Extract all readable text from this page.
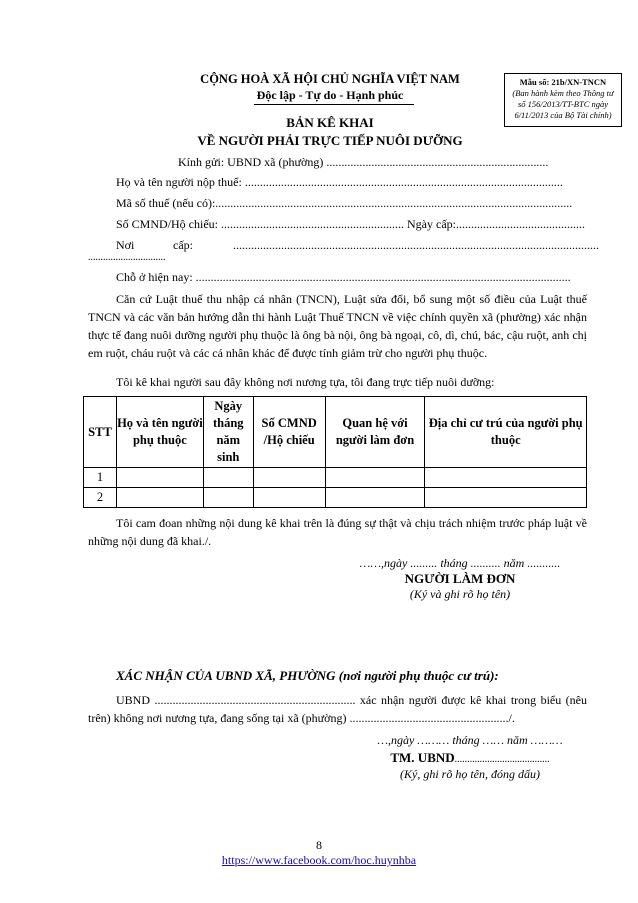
Mẫu số: 21b/XN-TNCN
(Ban hành kèm theo Thông tư
số 156/2013/TT-BTC ngày
6/11/2013 của Bộ Tài chính)
CỘNG HOÀ XÃ HỘI CHỦ NGHĨA VIỆT NAM
Độc lập - Tự do - Hạnh phúc
BẢN KÊ KHAI
VỀ NGƯỜI PHẢI TRỰC TIẾP NUÔI DƯỠNG
Kính gửi: UBND xã (phường) ..........................................................................
Họ và tên người nộp thuế: ..........................................................................................................
Mã số thuế (nếu có):.......................................................................................................................
Số CMND/Hộ chiếu: ............................................................. Ngày cấp:...........................................
Nơi	cấp:	..........................................................................................................................
...............................
Chỗ ở hiện nay: .............................................................................................................................
Căn cứ Luật thuế thu nhập cá nhân (TNCN), Luật sửa đổi, bổ sung một số điều của Luật thuế TNCN và các văn bản hướng dẫn thi hành Luật Thuế TNCN về việc chính quyền xã (phường) xác nhận thực tế đang nuôi dưỡng người phụ thuộc là ông bà nội, ông bà ngoại, cô, dì, chú, bác, cậu ruột, anh chị em ruột, cháu ruột và các cá nhân khác để được tính giảm trừ cho người phụ thuộc.
Tôi kê khai người sau đây không nơi nương tựa, tôi đang trực tiếp nuôi dưỡng:
STT	Họ và tên người phụ thuộc	Ngày tháng năm sinh	Số CMND /Hộ chiếu	Quan hệ với người làm đơn	Địa chỉ cư trú của người phụ thuộc
1					
2					
Tôi cam đoan những nội dung kê khai trên là đúng sự thật và chịu trách nhiệm trước pháp luật về những nội dung đã khai./.
……,ngày ......... tháng .......... năm ...........
NGƯỜI LÀM ĐƠN
(Ký và ghi rõ họ tên)
XÁC NHẬN CỦA UBND XÃ, PHƯỜNG (nơi người phụ thuộc cư trú):
UBND ................................................................... xác nhận người được kê khai trong biểu (nêu trên) không nơi nương tựa, đang sống tại xã (phường) ...................................................../.
…,ngày ……… tháng …… năm ………
TM. UBND......................................
(Ký, ghi rõ họ tên, đóng dấu)
8
https://www.facebook.com/hoc.huynhba
